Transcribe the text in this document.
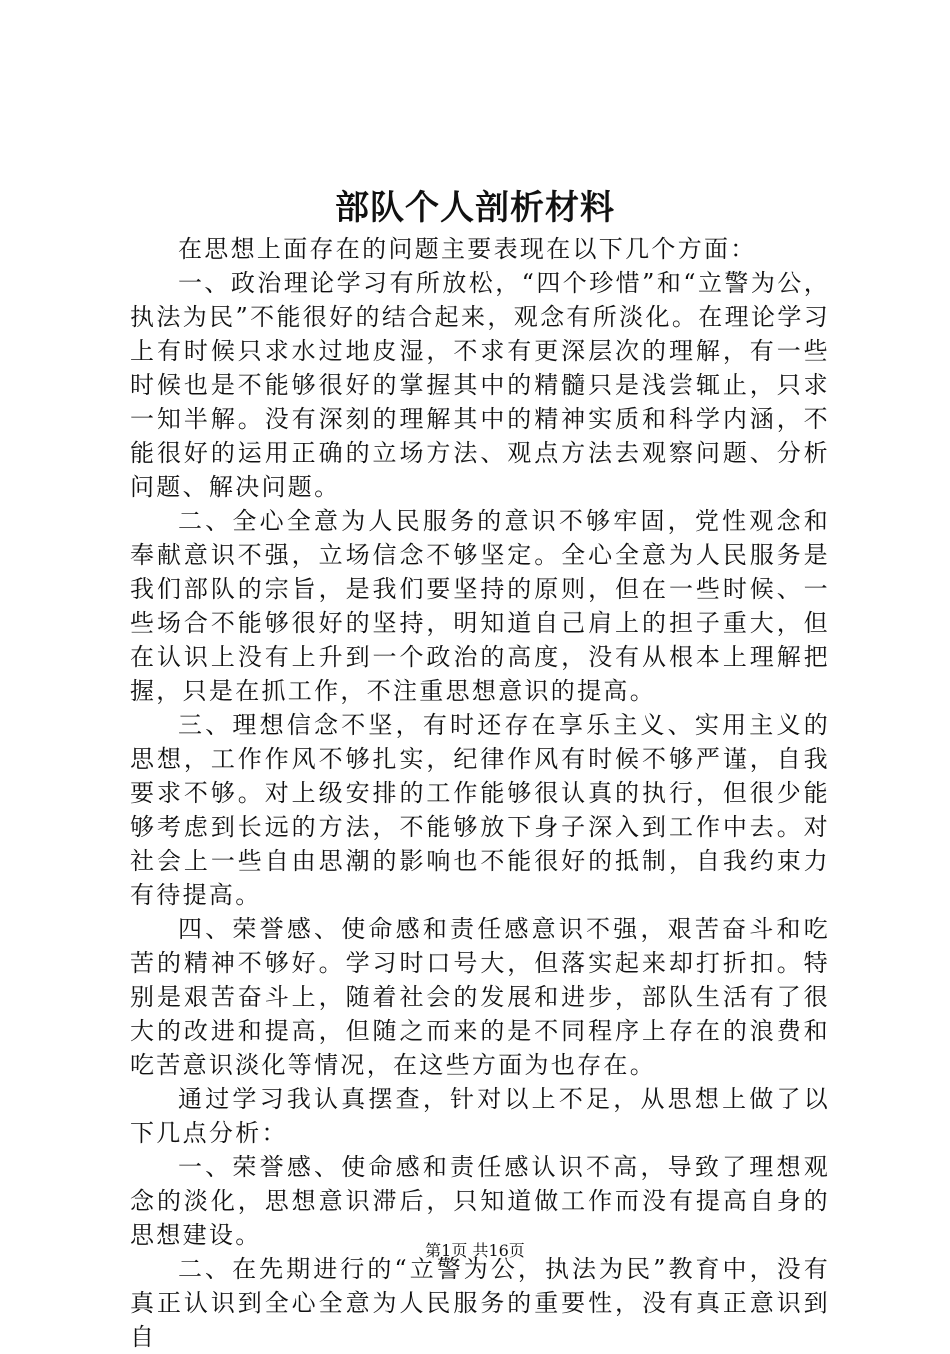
部队个人剖析材料

在思想上面存在的问题主要表现在以下几个方面：

一、政治理论学习有所放松，“四个珍惜”和“立警为公，执法为民”不能很好的结合起来，观念有所淡化。在理论学习上有时候只求水过地皮湿，不求有更深层次的理解，有一些时候也是不能够很好的掌握其中的精髓只是浅尝辄止，只求一知半解。没有深刻的理解其中的精神实质和科学内涵，不能很好的运用正确的立场方法、观点方法去观察问题、分析问题、解决问题。

二、全心全意为人民服务的意识不够牢固，党性观念和奉献意识不强，立场信念不够坚定。全心全意为人民服务是我们部队的宗旨，是我们要坚持的原则，但在一些时候、一些场合不能够很好的坚持，明知道自己肩上的担子重大，但在认识上没有上升到一个政治的高度，没有从根本上理解把握，只是在抓工作，不注重思想意识的提高。

三、理想信念不坚，有时还存在享乐主义、实用主义的思想，工作作风不够扎实，纪律作风有时候不够严谨，自我要求不够。对上级安排的工作能够很认真的执行，但很少能够考虑到长远的方法，不能够放下身子深入到工作中去。对社会上一些自由思潮的影响也不能很好的抵制，自我约束力有待提高。

四、荣誉感、使命感和责任感意识不强，艰苦奋斗和吃苦的精神不够好。学习时口号大，但落实起来却打折扣。特别是艰苦奋斗上，随着社会的发展和进步，部队生活有了很大的改进和提高，但随之而来的是不同程序上存在的浪费和吃苦意识淡化等情况，在这些方面为也存在。

通过学习我认真摆查，针对以上不足，从思想上做了以下几点分析：

一、荣誉感、使命感和责任感认识不高，导致了理想观念的淡化，思想意识滞后，只知道做工作而没有提高自身的思想建设。

二、在先期进行的“立警为公，执法为民”教育中，没有真正认识到全心全意为人民服务的重要性，没有真正意识到自

第1页 共16页
